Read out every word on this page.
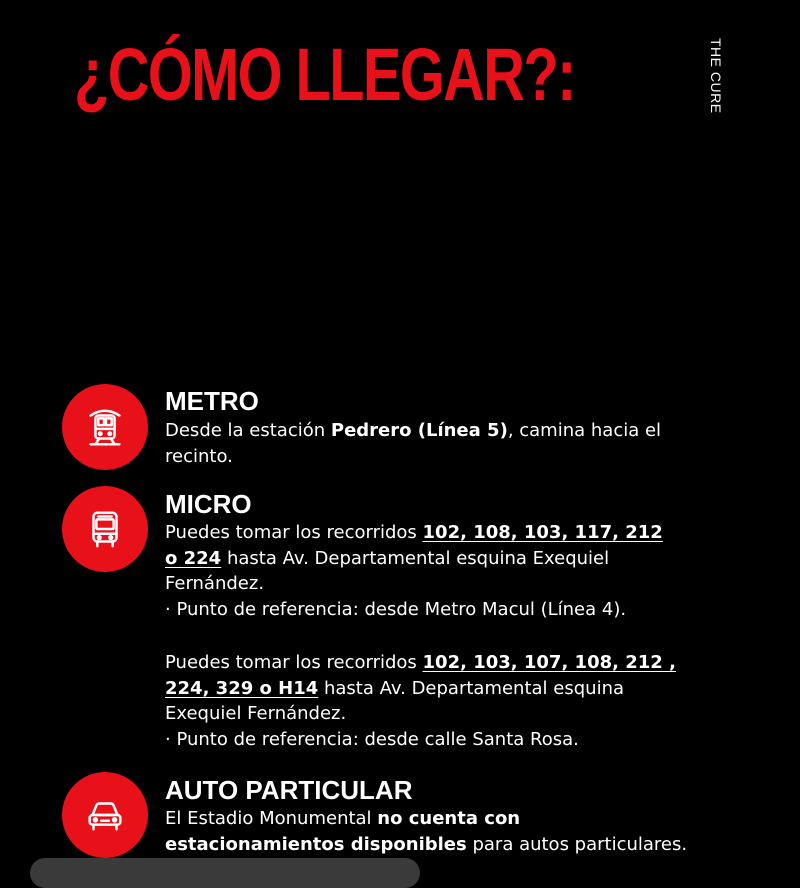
¿CÓMO LLEGAR?:	THE CURE
METRO

Desde la estación Pedrero (Línea 5), camina hacia el
recinto.

MICRO

Puedes tomar los recorridos 102, 108, 103, 117, 212
o 224 hasta Av. Departamental esquina Exequiel
Fernández.
· Punto de referencia: desde Metro Macul (Línea 4).

Puedes tomar los recorridos 102, 103, 107, 108, 212 ,
224, 329 o H14 hasta Av. Departamental esquina
Exequiel Fernández.
· Punto de referencia: desde calle Santa Rosa.

AUTO PARTICULAR

El Estadio Monumental no cuenta con
estacionamientos disponibles para autos particulares.
